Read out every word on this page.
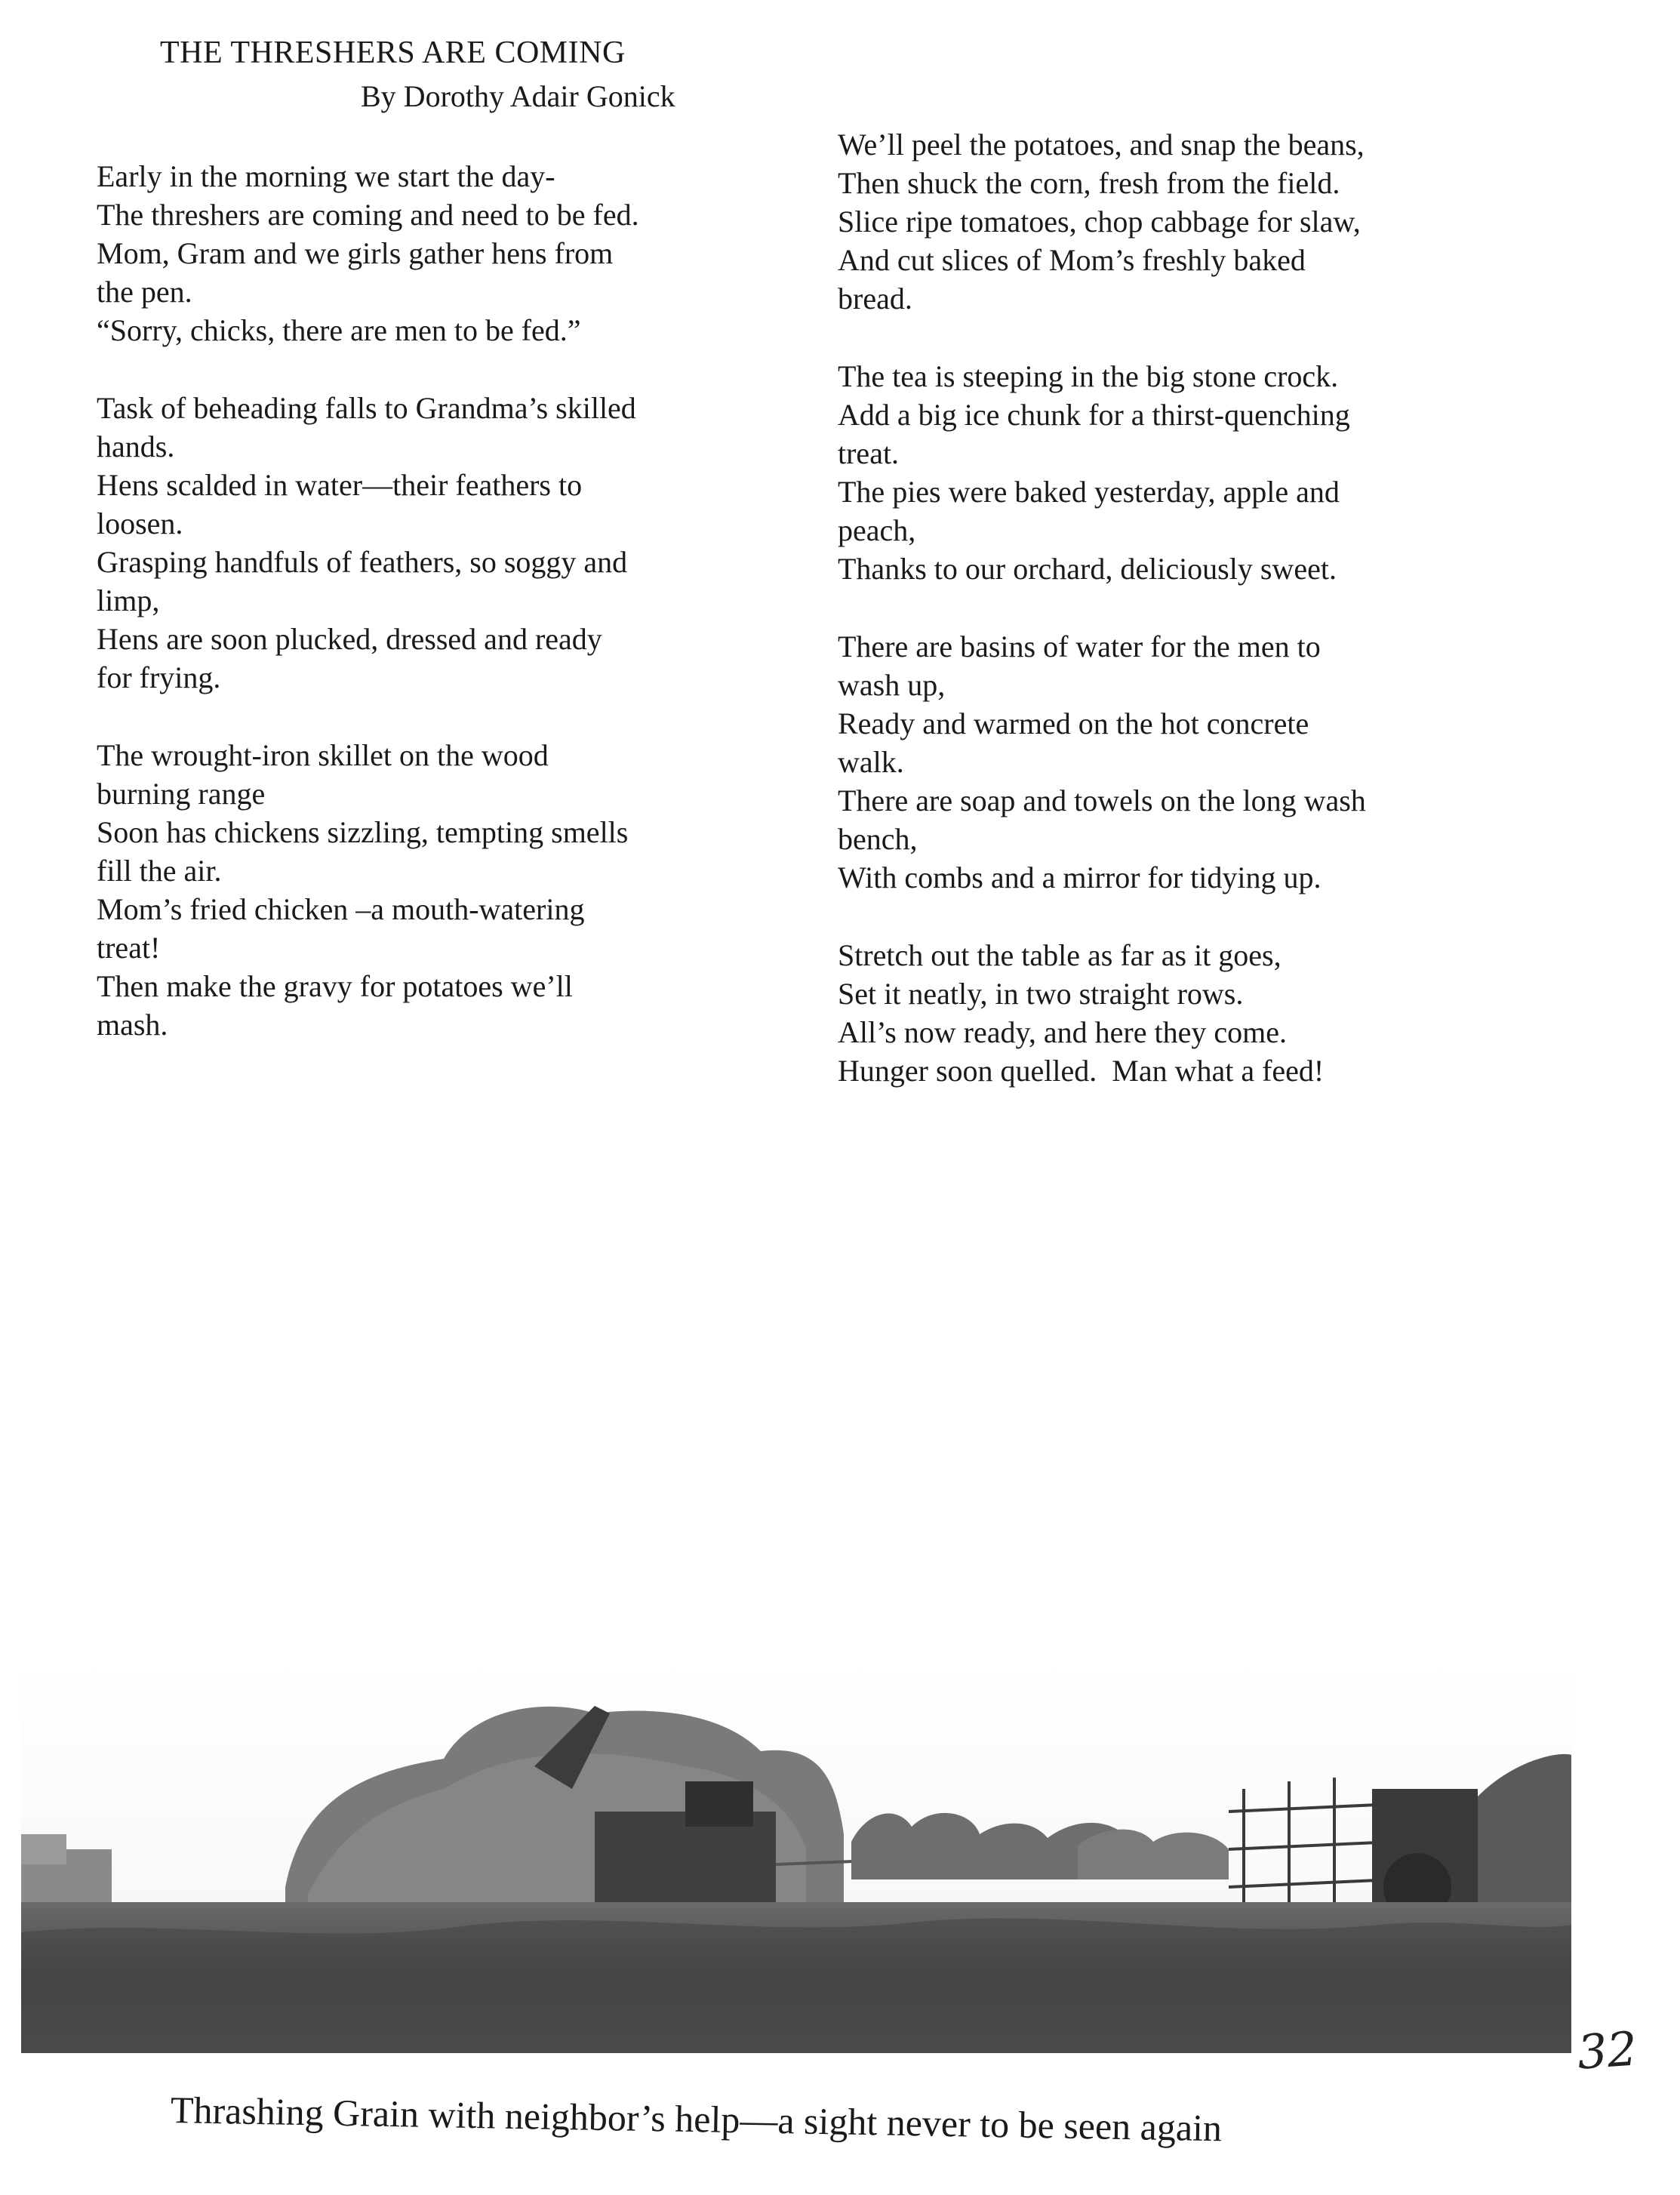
THE THRESHERS ARE COMING

By Dorothy Adair Gonick

Early in the morning we start the day-
The threshers are coming and need to be fed.
Mom, Gram and we girls gather hens from
the pen.
“Sorry, chicks, there are men to be fed.”
Task of beheading falls to Grandma’s skilled
hands.
Hens scalded in water—their feathers to
loosen.
Grasping handfuls of feathers, so soggy and
limp,
Hens are soon plucked, dressed and ready
for frying.
The wrought-iron skillet on the wood
burning range
Soon has chickens sizzling, tempting smells
fill the air.
Mom’s fried chicken –a mouth-watering
treat!
Then make the gravy for potatoes we’ll
mash.
We’ll peel the potatoes, and snap the beans,
Then shuck the corn, fresh from the field.
Slice ripe tomatoes, chop cabbage for slaw,
And cut slices of Mom’s freshly baked
bread.
The tea is steeping in the big stone crock.
Add a big ice chunk for a thirst-quenching
treat.
The pies were baked yesterday, apple and
peach,
Thanks to our orchard, deliciously sweet.
There are basins of water for the men to
wash up,
Ready and warmed on the hot concrete
walk.
There are soap and towels on the long wash
bench,
With combs and a mirror for tidying up.
Stretch out the table as far as it goes,
Set it neatly, in two straight rows.
All’s now ready, and here they come.
Hunger soon quelled.  Man what a feed!
32

Thrashing Grain with neighbor’s help—a sight never to be seen again
